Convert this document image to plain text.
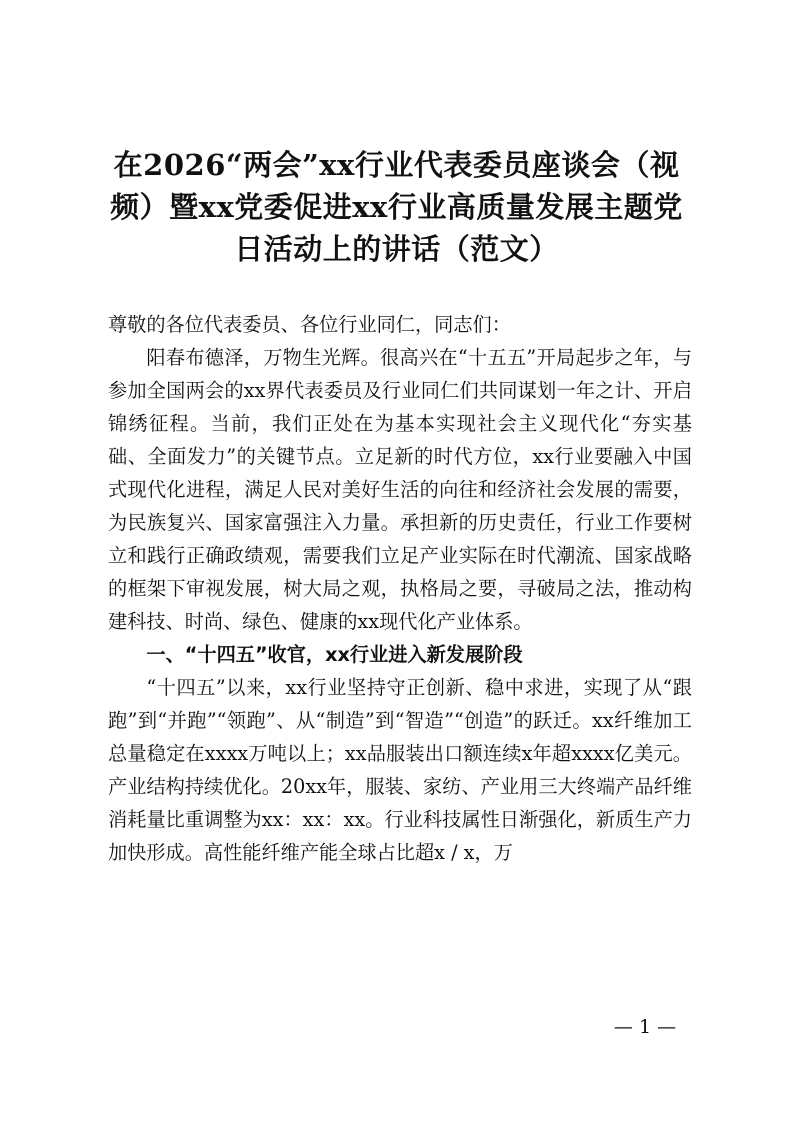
在2026“两会”xx行业代表委员座谈会（视频）暨xx党委促进xx行业高质量发展主题党日活动上的讲话（范文）

尊敬的各位代表委员、各位行业同仁，同志们：

阳春布德泽，万物生光辉。很高兴在“十五五”开局起步之年，与参加全国两会的xx界代表委员及行业同仁们共同谋划一年之计、开启锦绣征程。当前，我们正处在为基本实现社会主义现代化“夯实基础、全面发力”的关键节点。立足新的时代方位，xx行业要融入中国式现代化进程，满足人民对美好生活的向往和经济社会发展的需要，为民族复兴、国家富强注入力量。承担新的历史责任，行业工作要树立和践行正确政绩观，需要我们立足产业实际在时代潮流、国家战略的框架下审视发展，树大局之观，执格局之要，寻破局之法，推动构建科技、时尚、绿色、健康的xx现代化产业体系。

一、“十四五”收官，xx行业进入新发展阶段

“十四五”以来，xx行业坚持守正创新、稳中求进，实现了从“跟跑”到“并跑”“领跑”、从“制造”到“智造”“创造”的跃迁。xx纤维加工总量稳定在xxxx万吨以上；xx品服装出口额连续x年超xxxx亿美元。产业结构持续优化。20xx年，服装、家纺、产业用三大终端产品纤维消耗量比重调整为xx：xx：xx。行业科技属性日渐强化，新质生产力加快形成。高性能纤维产能全球占比超x / x，万

— 1 —
